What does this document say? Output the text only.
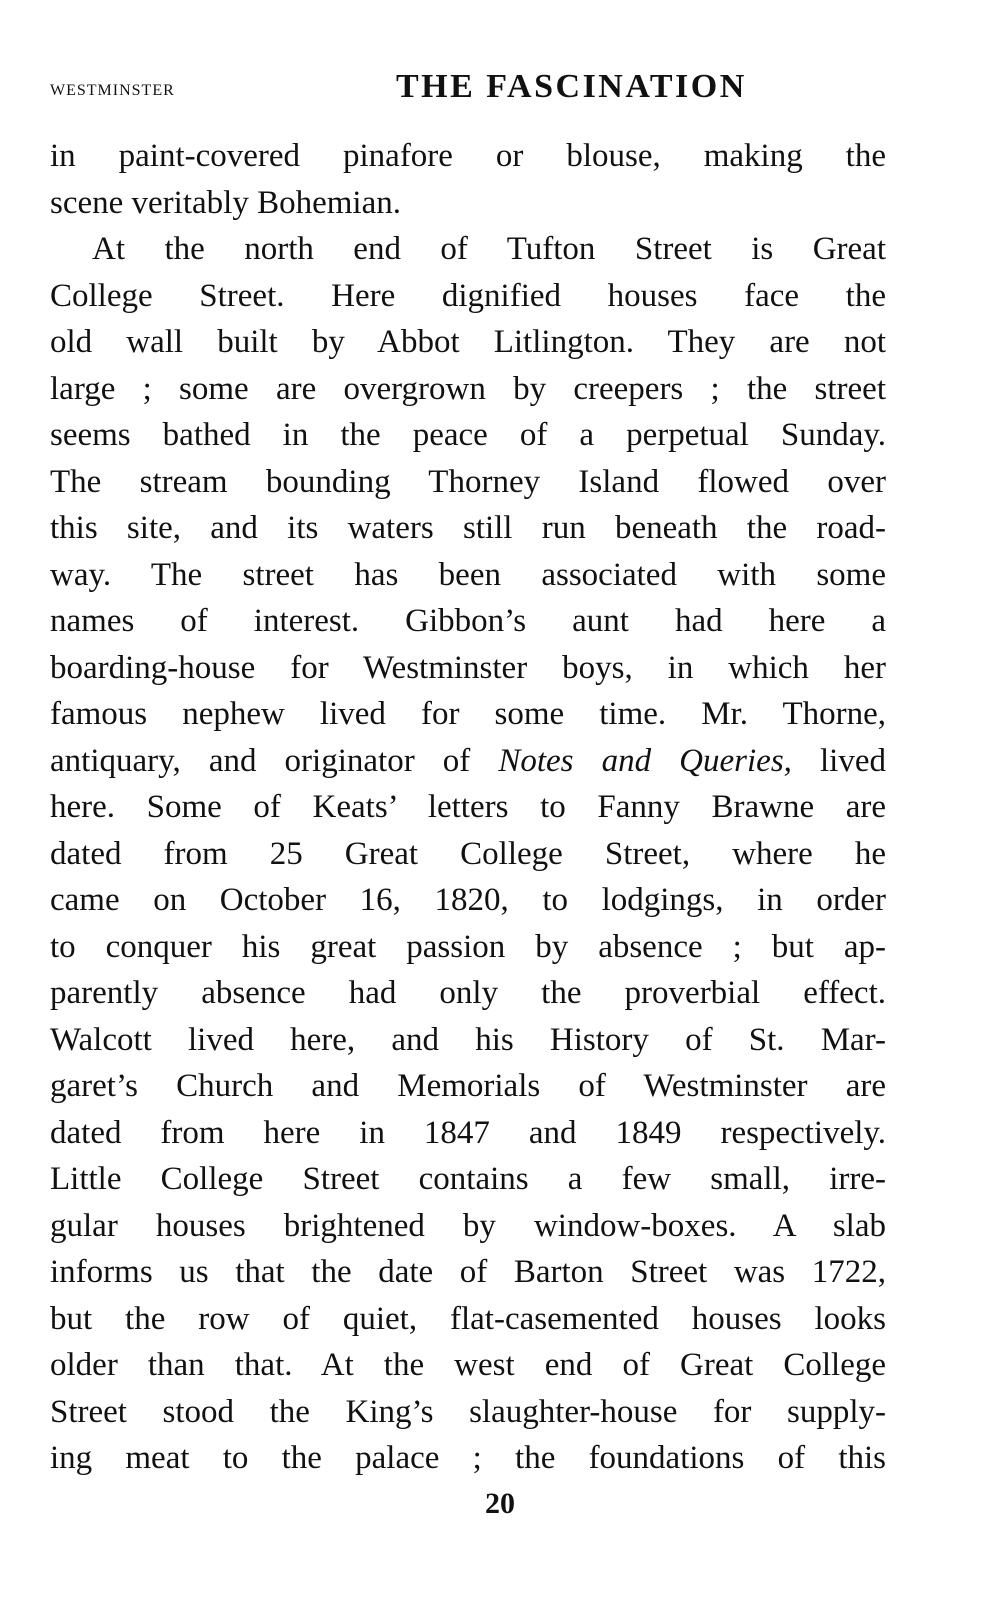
WESTMINSTER	THE FASCINATION
in paint-covered pinafore or blouse, making the
scene veritably Bohemian.
At the north end of Tufton Street is Great
College Street. Here dignified houses face the
old wall built by Abbot Litlington. They are not
large ; some are overgrown by creepers ; the street
seems bathed in the peace of a perpetual Sunday.
The stream bounding Thorney Island flowed over
this site, and its waters still run beneath the road-
way. The street has been associated with some
names of interest. Gibbon’s aunt had here a
boarding-house for Westminster boys, in which her
famous nephew lived for some time. Mr. Thorne,
antiquary, and originator of Notes and Queries, lived
here. Some of Keats’ letters to Fanny Brawne are
dated from 25 Great College Street, where he
came on October 16, 1820, to lodgings, in order
to conquer his great passion by absence ; but ap-
parently absence had only the proverbial effect.
Walcott lived here, and his History of St. Mar-
garet’s Church and Memorials of Westminster are
dated from here in 1847 and 1849 respectively.
Little College Street contains a few small, irre-
gular houses brightened by window-boxes. A slab
informs us that the date of Barton Street was 1722,
but the row of quiet, flat-casemented houses looks
older than that. At the west end of Great College
Street stood the King’s slaughter-house for supply-
ing meat to the palace ; the foundations of this
20
